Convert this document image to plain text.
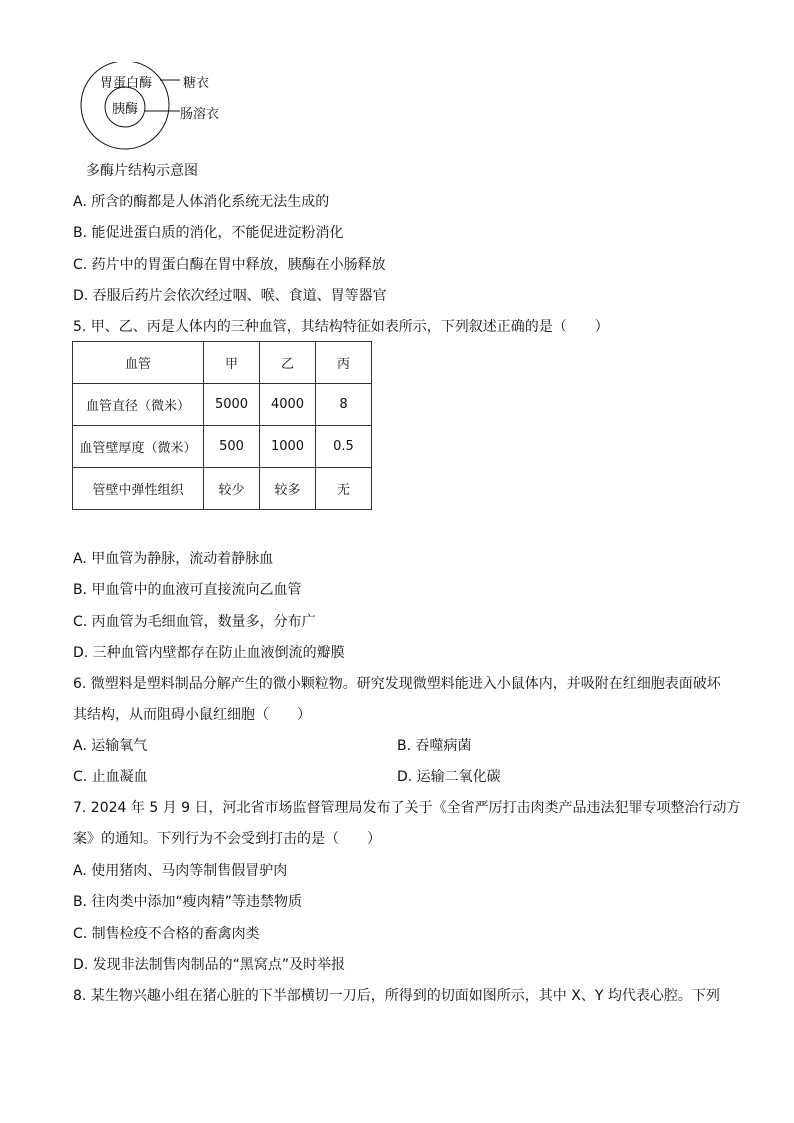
胃蛋白酶
胰酶
糖衣
肠溶衣
多酶片结构示意图
A. 所含的酶都是人体消化系统无法生成的
B. 能促进蛋白质的消化，不能促进淀粉消化
C. 药片中的胃蛋白酶在胃中释放，胰酶在小肠释放
D. 吞服后药片会依次经过咽、喉、食道、胃等器官
5. 甲、乙、丙是人体内的三种血管，其结构特征如表所示，下列叙述正确的是（　　）
血管	甲	乙	丙
血管直径（微米）	5000	4000	8
血管壁厚度（微米）	500	1000	0.5
管壁中弹性组织	较少	较多	无
A. 甲血管为静脉，流动着静脉血
B. 甲血管中的血液可直接流向乙血管
C. 丙血管为毛细血管，数量多，分布广
D. 三种血管内壁都存在防止血液倒流的瓣膜
6. 微塑料是塑料制品分解产生的微小颗粒物。研究发现微塑料能进入小鼠体内，并吸附在红细胞表面破坏
其结构，从而阻碍小鼠红细胞（　　）
A. 运输氧气	B. 吞噬病菌
C. 止血凝血	D. 运输二氧化碳
7. 2024 年 5 月 9 日，河北省市场监督管理局发布了关于《全省严厉打击肉类产品违法犯罪专项整治行动方
案》的通知。下列行为不会受到打击的是（　　）
A. 使用猪肉、马肉等制售假冒驴肉
B. 往肉类中添加“瘦肉精”等违禁物质
C. 制售检疫不合格的畜禽肉类
D. 发现非法制售肉制品的“黑窝点”及时举报
8. 某生物兴趣小组在猪心脏的下半部横切一刀后，所得到的切面如图所示，其中 X、Y 均代表心腔。下列
